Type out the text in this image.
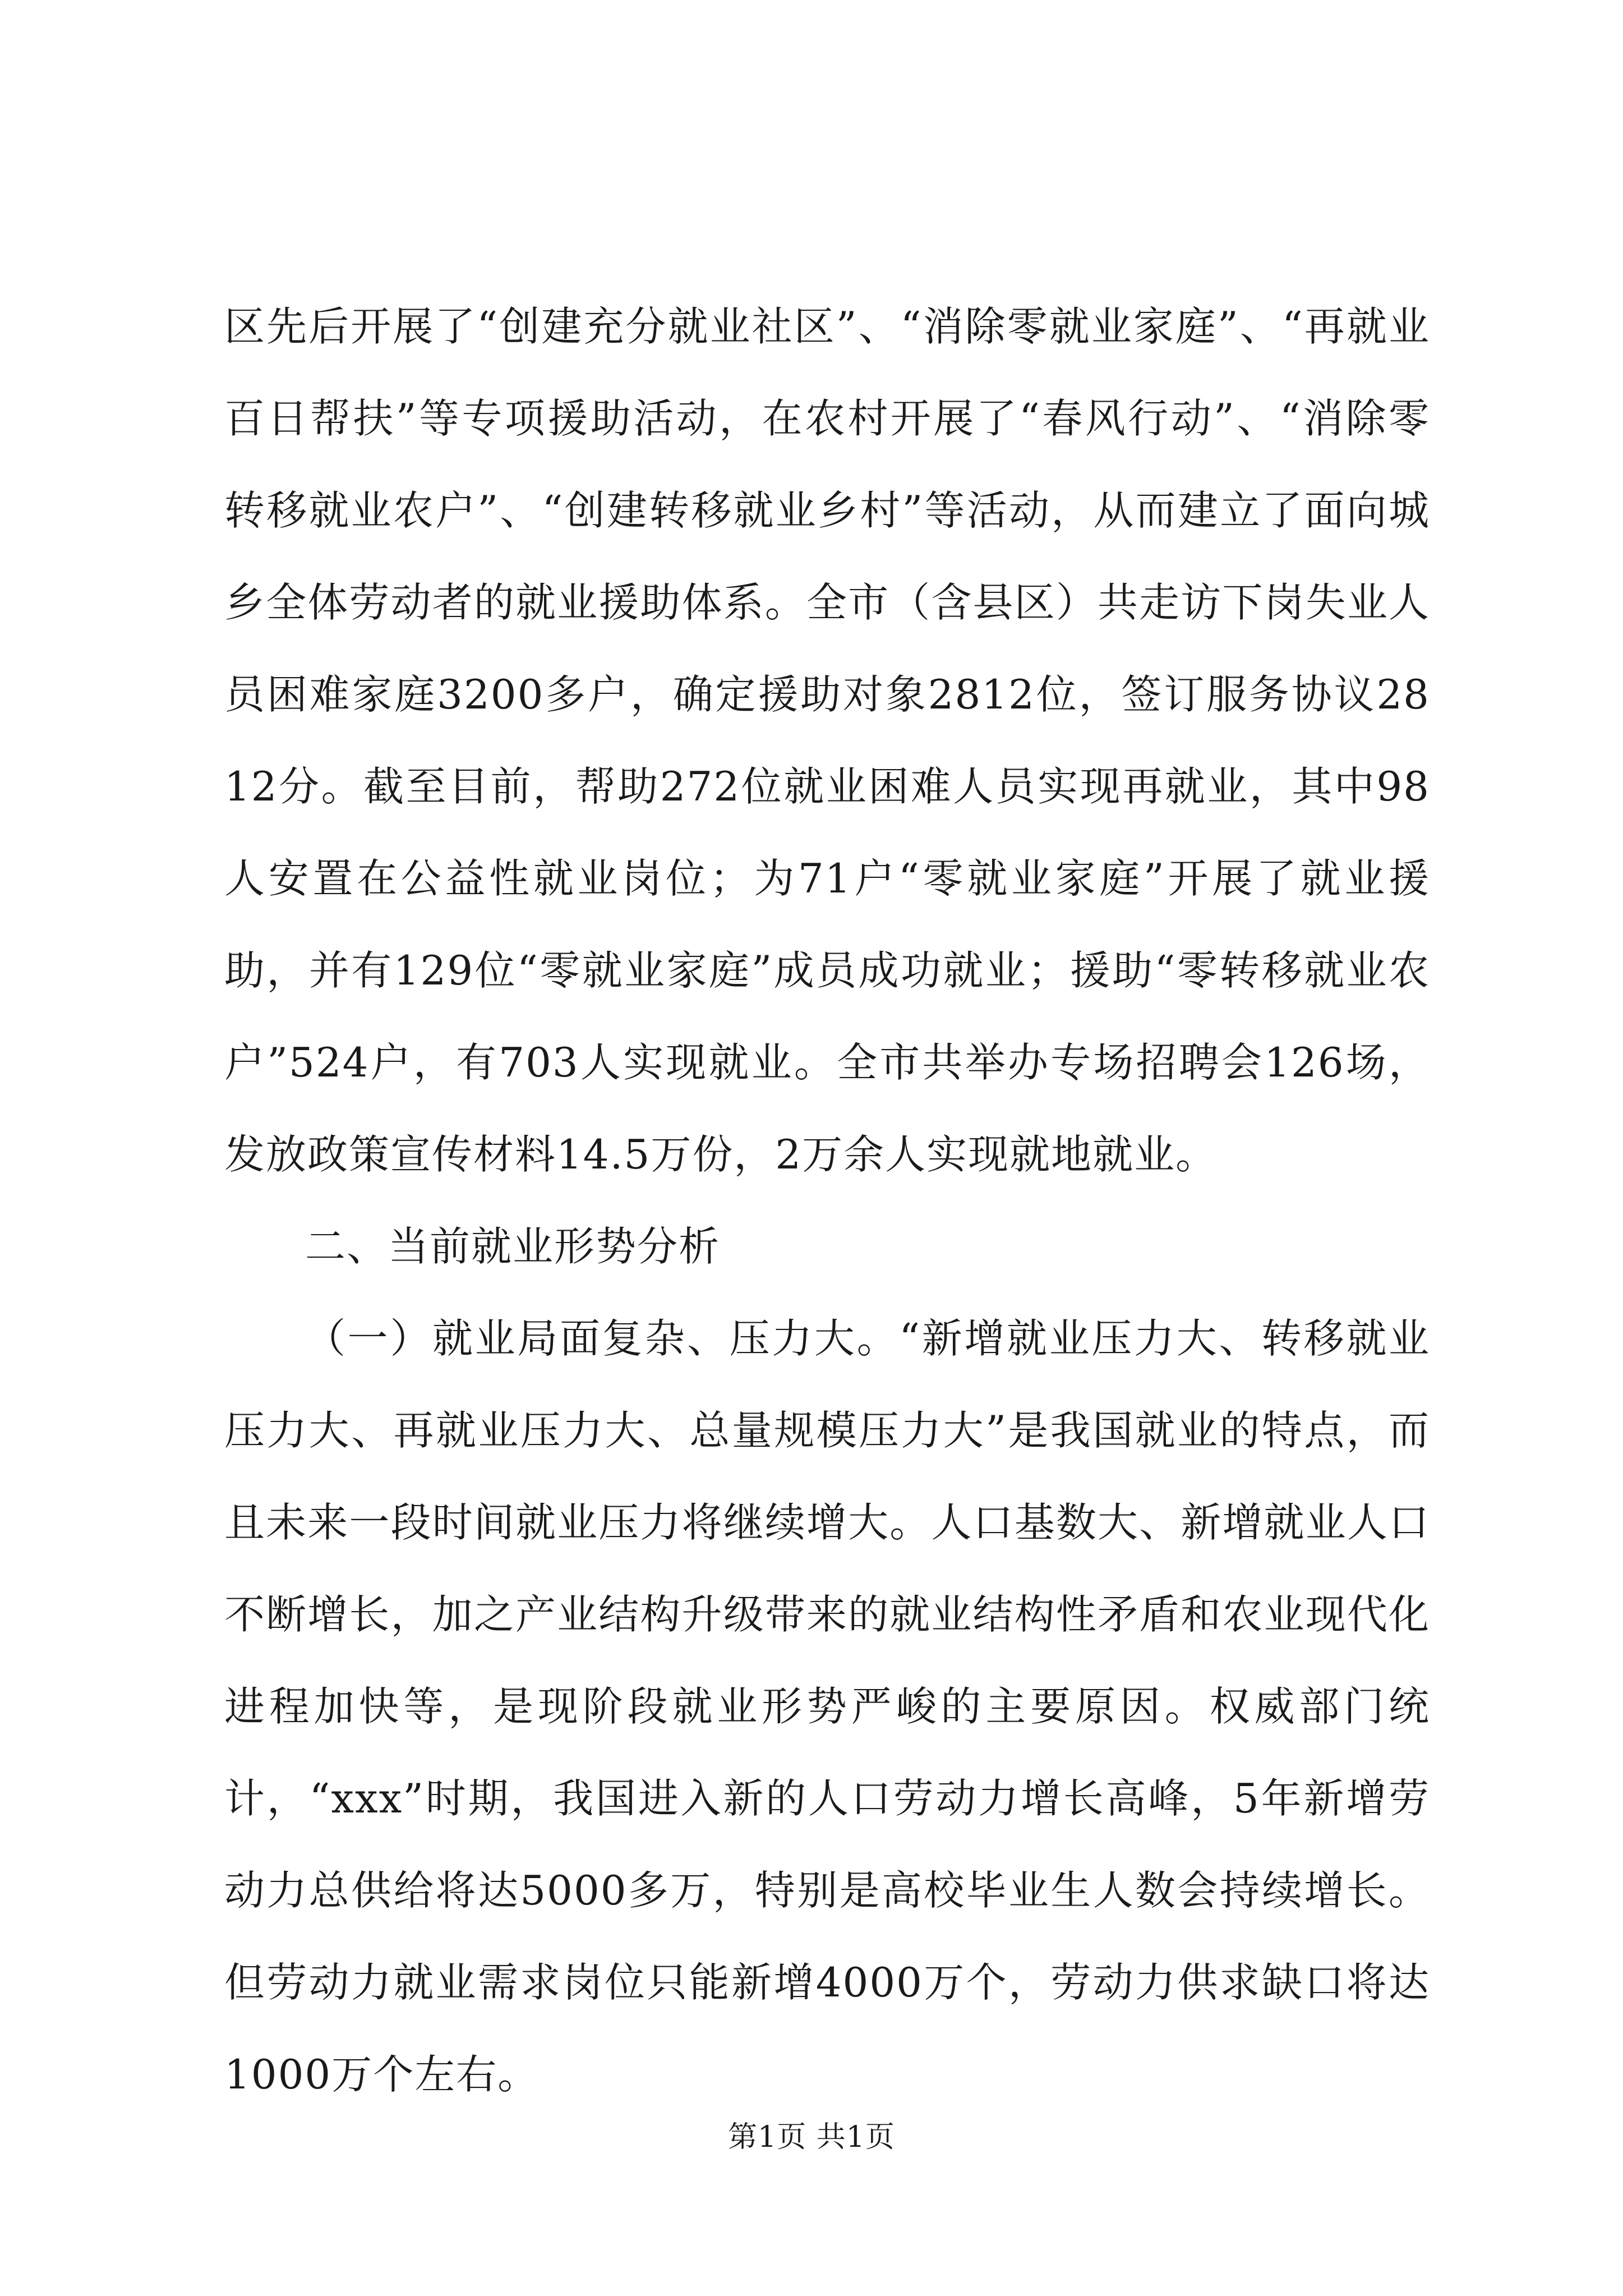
区先后开展了“创建充分就业社区”、“消除零就业家庭”、“再就业百日帮扶”等专项援助活动，在农村开展了“春风行动”、“消除零转移就业农户”、“创建转移就业乡村”等活动，从而建立了面向城乡全体劳动者的就业援助体系。全市（含县区）共走访下岗失业人员困难家庭3200多户，确定援助对象2812位，签订服务协议2812分。截至目前，帮助272位就业困难人员实现再就业，其中98人安置在公益性就业岗位；为71户“零就业家庭”开展了就业援助，并有129位“零就业家庭”成员成功就业；援助“零转移就业农户”524户，有703人实现就业。全市共举办专场招聘会126场，发放政策宣传材料14.5万份，2万余人实现就地就业。

二、当前就业形势分析

（一）就业局面复杂、压力大。“新增就业压力大、转移就业压力大、再就业压力大、总量规模压力大”是我国就业的特点，而且未来一段时间就业压力将继续增大。人口基数大、新增就业人口不断增长，加之产业结构升级带来的就业结构性矛盾和农业现代化进程加快等，是现阶段就业形势严峻的主要原因。权威部门统计，“xxx”时期，我国进入新的人口劳动力增长高峰，5年新增劳动力总供给将达5000多万，特别是高校毕业生人数会持续增长。但劳动力就业需求岗位只能新增4000万个，劳动力供求缺口将达1000万个左右。

第1页 共1页
